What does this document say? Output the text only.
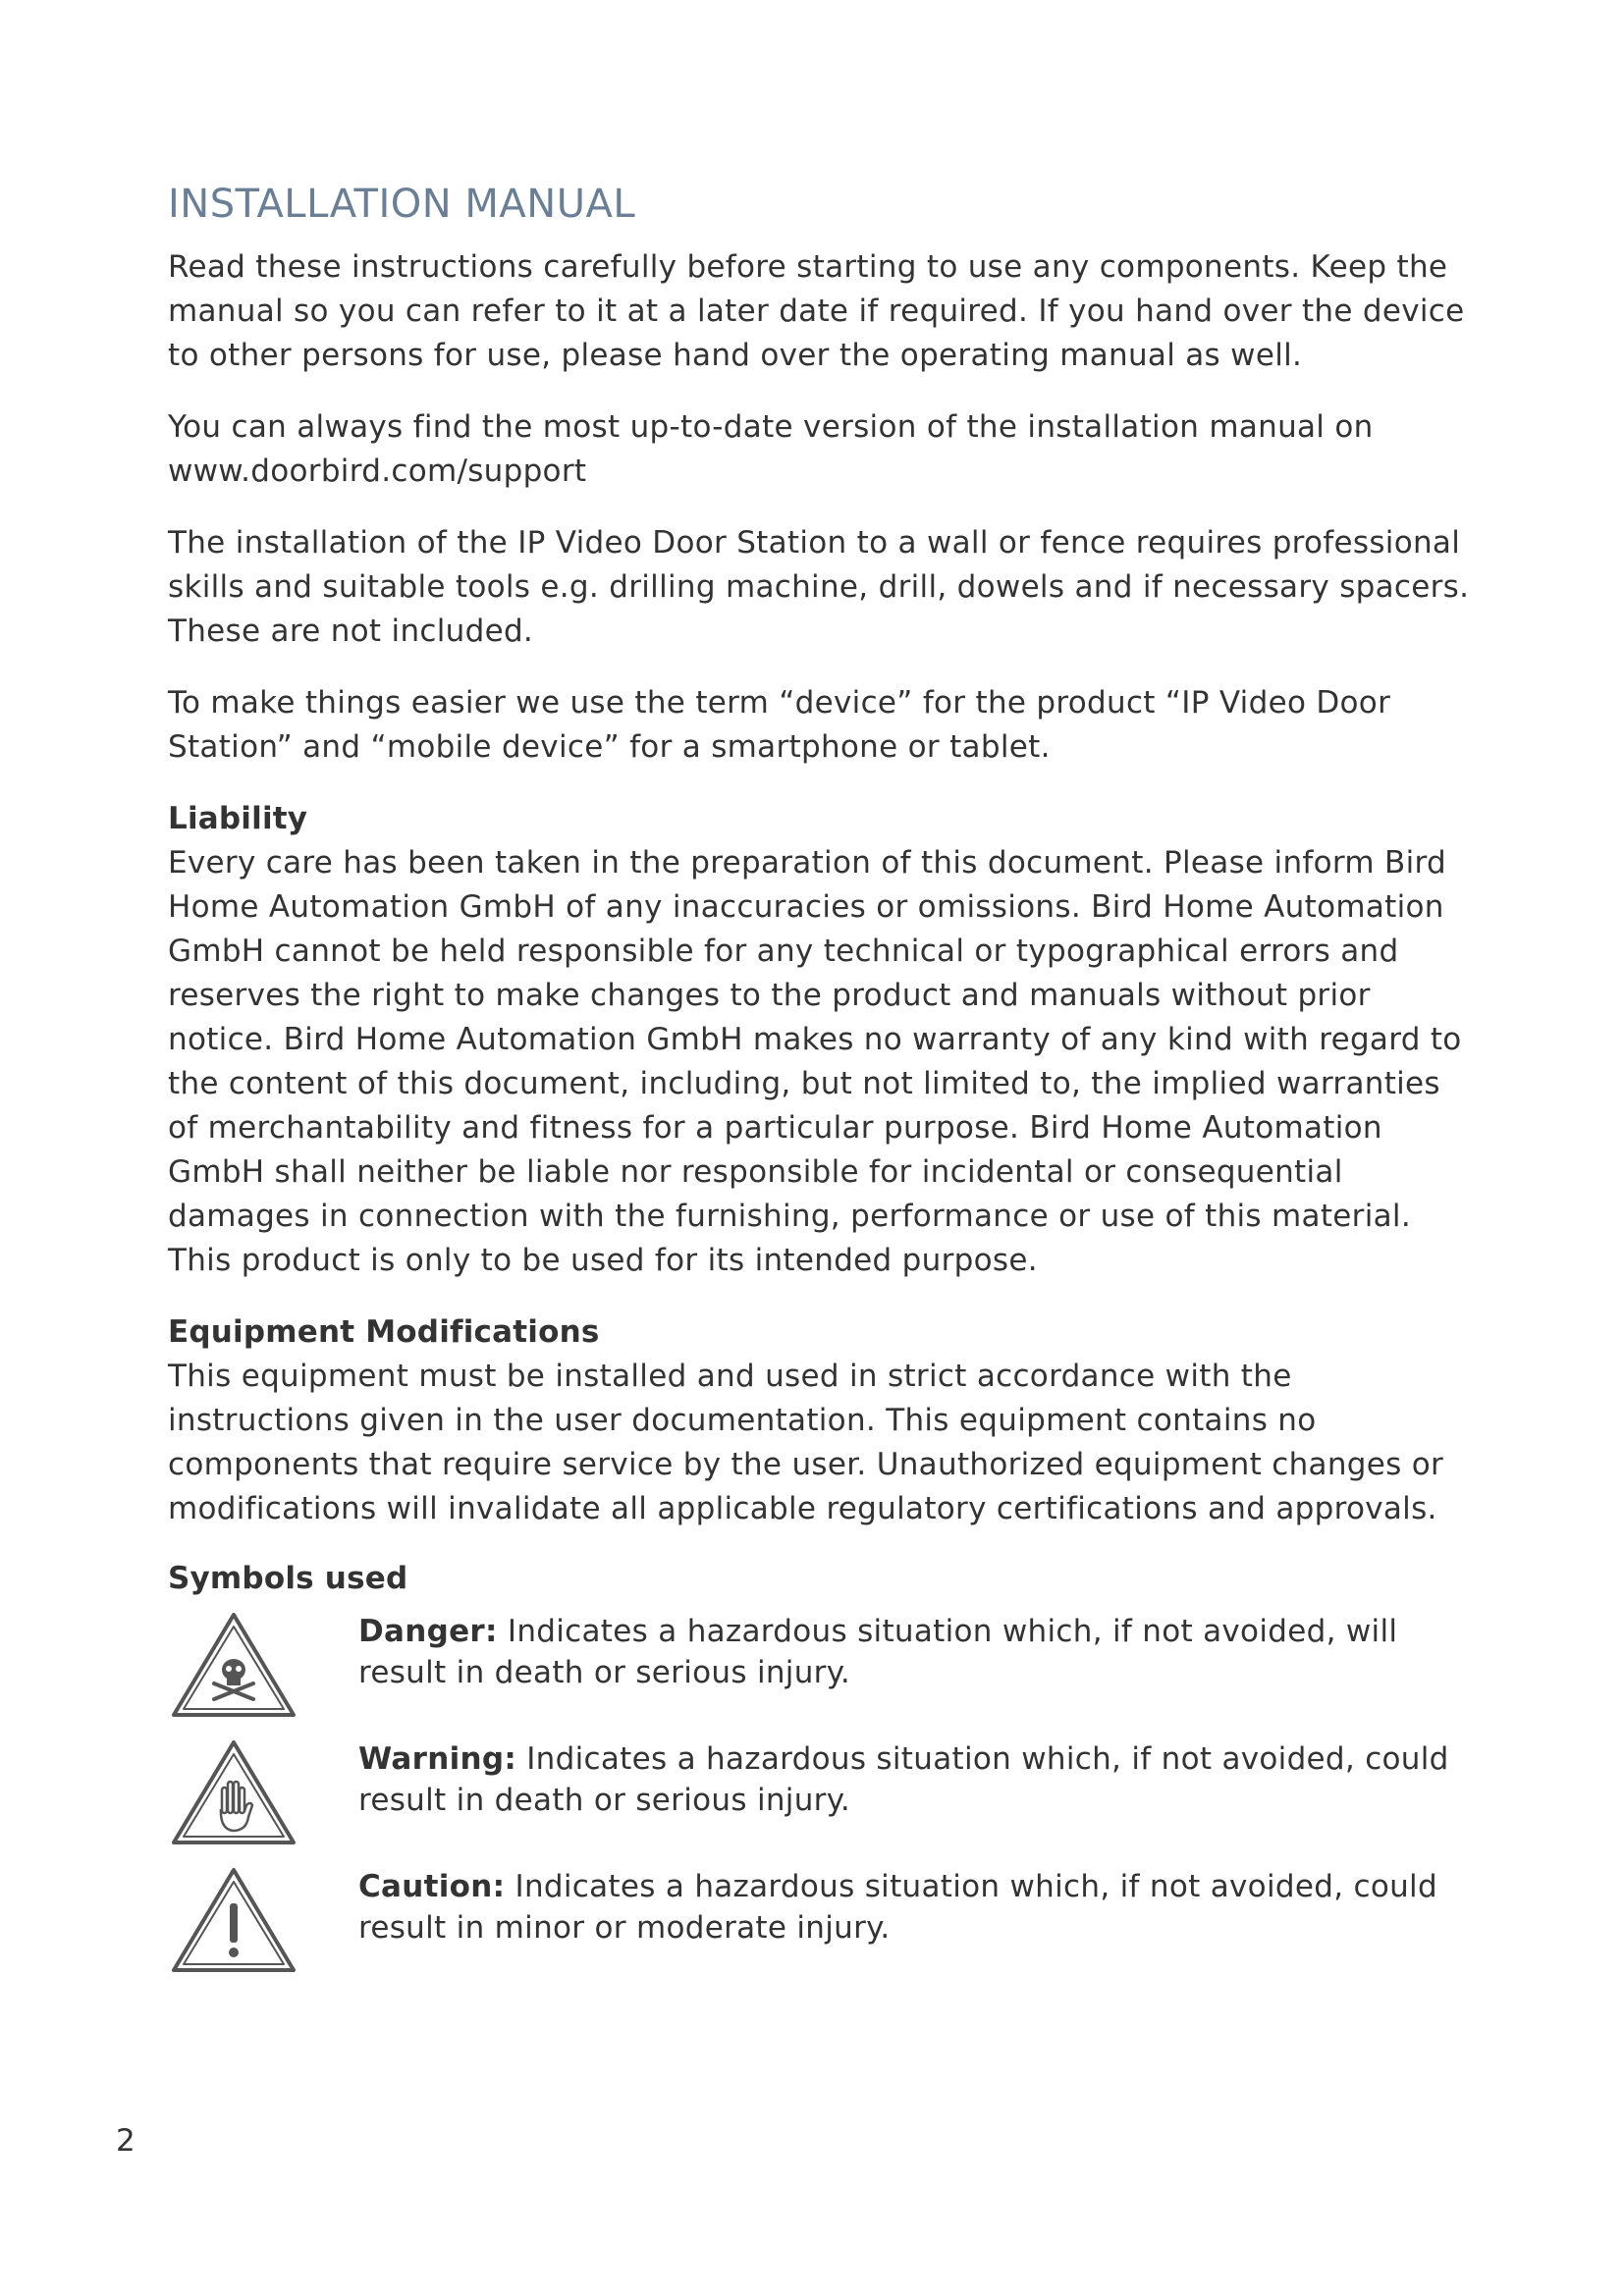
INSTALLATION MANUAL

Read these instructions carefully before starting to use any components. Keep the manual so you can refer to it at a later date if required. If you hand over the device to other persons for use, please hand over the operating manual as well.

You can always find the most up-to-date version of the installation manual on www.doorbird.com/support

The installation of the IP Video Door Station to a wall or fence requires professional skills and suitable tools e.g. drilling machine, drill, dowels and if necessary spacers. These are not included.

To make things easier we use the term “device” for the product “IP Video Door Station” and “mobile device” for a smartphone or tablet.

Liability

Every care has been taken in the preparation of this document. Please inform Bird Home Automation GmbH of any inaccuracies or omissions. Bird Home Automation GmbH cannot be held responsible for any technical or typographical errors and reserves the right to make changes to the product and manuals without prior notice. Bird Home Automation GmbH makes no warranty of any kind with regard to the content of this document, including, but not limited to, the implied warranties of merchantability and fitness for a particular purpose. Bird Home Automation GmbH shall neither be liable nor responsible for incidental or consequential damages in connection with the furnishing, performance or use of this material. This product is only to be used for its intended purpose.

Equipment Modifications

This equipment must be installed and used in strict accordance with the instructions given in the user documentation. This equipment contains no components that require service by the user. Unauthorized equipment changes or modifications will invalidate all applicable regulatory certifications and approvals.

Symbols used
Danger: Indicates a hazardous situation which, if not avoided, will result in death or serious injury.
Warning: Indicates a hazardous situation which, if not avoided, could result in death or serious injury.
Caution: Indicates a hazardous situation which, if not avoided, could result in minor or moderate injury.
2
